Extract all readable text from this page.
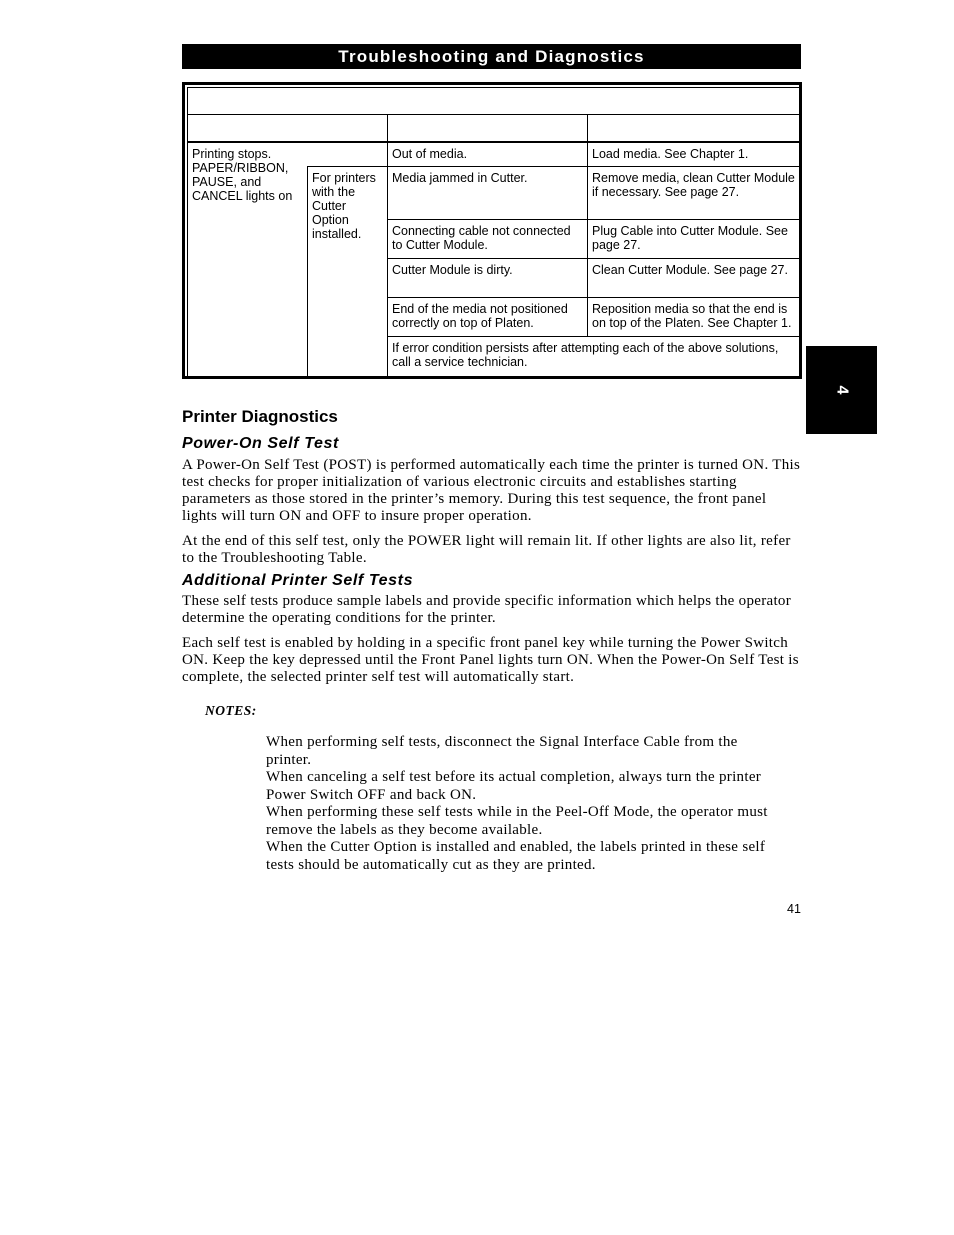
Troubleshooting and Diagnostics
4

Printing stops. PAPER/RIBBON, PAUSE, and CANCEL lights on		Out of media.	Load media. See Chapter 1.
	For printers with the Cutter Option installed.	Media jammed in Cutter.	Remove media, clean Cutter Module if necessary. See page 27.
		Connecting cable not connected to Cutter Module.	Plug Cable into Cutter Module. See page 27.
		Cutter Module is dirty.	Clean Cutter Module. See page 27.
		End of the media not positioned correctly on top of Platen.	Reposition media so that the end is on top of the Platen. See Chapter 1.
		If error condition persists after attempting each of the above solutions, call a service technician.	
Printer Diagnostics
Power-On Self Test

A Power-On Self Test (POST) is performed automatically each time the printer is turned ON. This test checks for proper initialization of various electronic circuits and establishes starting parameters as those stored in the printer’s memory. During this test sequence, the front panel lights will turn ON and OFF to insure proper operation.

At the end of this self test, only the POWER light will remain lit. If other lights are also lit, refer to the Troubleshooting Table.

Additional Printer Self Tests

These self tests produce sample labels and provide specific information which helps the operator determine the operating conditions for the printer.

Each self test is enabled by holding in a specific front panel key while turning the Power Switch ON. Keep the key depressed until the Front Panel lights turn ON. When the Power-On Self Test is complete, the selected printer self test will automatically start.

NOTES:
When performing self tests, disconnect the Signal Interface Cable from the printer.
When canceling a self test before its actual completion, always turn the printer Power Switch OFF and back ON.
When performing these self tests while in the Peel-Off Mode, the operator must remove the labels as they become available.
When the Cutter Option is installed and enabled, the labels printed in these self tests should be automatically cut as they are printed.
41
